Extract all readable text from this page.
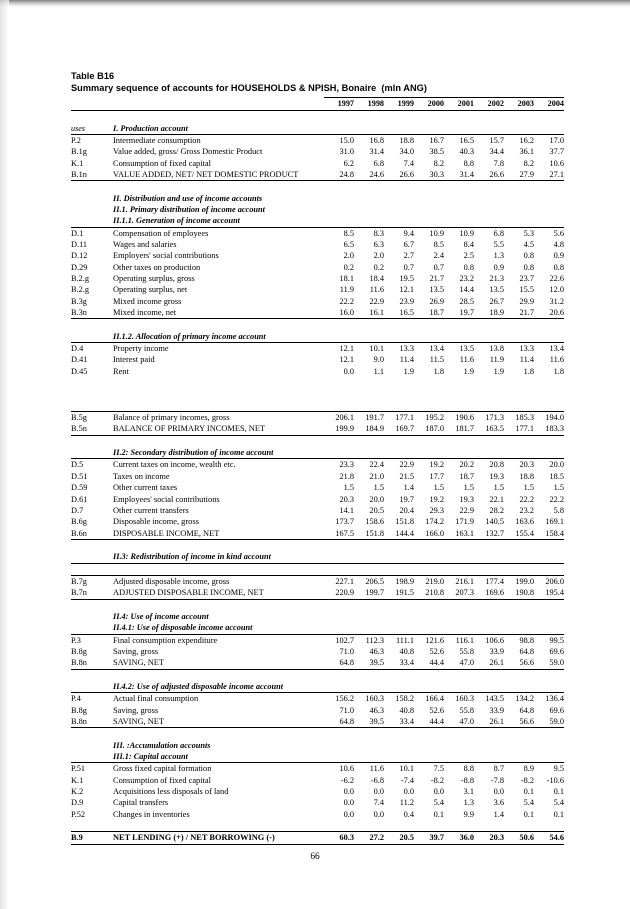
Table B16
Summary sequence of accounts for HOUSEHOLDS & NPISH, Bonaire  (mln ANG)
		1997	1998	1999	2000	2001	2002	2003	2004

uses	I. Production account								
P.2	Intermediate consumption	15.0	16.8	18.8	16.7	16.5	15.7	16.2	17.0
B.1g	Value added, gross/ Gross Domestic Product	31.0	31.4	34.0	38.5	40.3	34.4	36.1	37.7
K.1	Consumption of fixed capital	6.2	6.8	7.4	8.2	8.8	7.8	8.2	10.6
B.1n	VALUE ADDED, NET/ NET DOMESTIC PRODUCT	24.8	24.6	26.6	30.3	31.4	26.6	27.9	27.1

	II. Distribution and use of income accounts								
	II.1. Primary distribution of income account								
	II.1.1. Generation of income account								
D.1	Compensation of employees	8.5	8.3	9.4	10.9	10.9	6.8	5.3	5.6
D.11	Wages and salaries	6.5	6.3	6.7	8.5	8.4	5.5	4.5	4.8
D.12	Employers' social contributions	2.0	2.0	2.7	2.4	2.5	1.3	0.8	0.9
D.29	Other taxes on production	0.2	0.2	0.7	0.7	0.8	0.9	0.8	0.8
B.2.g	Operating surplus, gross	18.1	18.4	19.5	21.7	23.2	21.3	23.7	22.6
B.2.g	Operating surplus, net	11.9	11.6	12.1	13.5	14.4	13.5	15.5	12.0
B.3g	Mixed income gross	22.2	22.9	23.9	26.9	28.5	26.7	29.9	31.2
B.3n	Mixed income, net	16.0	16.1	16.5	18.7	19.7	18.9	21.7	20.6

	II.1.2. Allocation of primary income account								
D.4	Property income	12.1	10.1	13.3	13.4	13.5	13.8	13.3	13.4
D.41	Interest paid	12.1	9.0	11.4	11.5	11.6	11.9	11.4	11.6
D.45	Rent	0.0	1.1	1.9	1.8	1.9	1.9	1.8	1.8

B.5g	Balance of primary incomes, gross	206.1	191.7	177.1	195.2	190.6	171.3	185.3	194.0
B.5n	BALANCE OF PRIMARY INCOMES, NET	199.9	184.9	169.7	187.0	181.7	163.5	177.1	183.3

	II.2: Secondary distribution of income account								
D.5	Current taxes on income, wealth etc.	23.3	22.4	22.9	19.2	20.2	20.8	20.3	20.0
D.51	Taxes on income	21.8	21.0	21.5	17.7	18.7	19.3	18.8	18.5
D.59	Other current taxes	1.5	1.5	1.4	1.5	1.5	1.5	1.5	1.5
D.61	Employees' social contributions	20.3	20.0	19.7	19.2	19.3	22.1	22.2	22.2
D.7	Other current transfers	14.1	20.5	20.4	29.3	22.9	28.2	23.2	5.8
B.6g	Disposable income, gross	173.7	158.6	151.8	174.2	171.9	140.5	163.6	169.1
B.6n	DISPOSABLE INCOME, NET	167.5	151.8	144.4	166.0	163.1	132.7	155.4	158.4

	II.3: Redistribution of income in kind account								

B.7g	Adjusted disposable income, gross	227.1	206.5	198.9	219.0	216.1	177.4	199.0	206.0
B.7n	ADJUSTED DISPOSABLE INCOME, NET	220.9	199.7	191.5	210.8	207.3	169.6	190.8	195.4

	II.4: Use of income account								
	II.4.1: Use of disposable income account								
P.3	Final consumption expenditure	102.7	112.3	111.1	121.6	116.1	106.6	98.8	99.5
B.8g	Saving, gross	71.0	46.3	40.8	52.6	55.8	33.9	64.8	69.6
B.8n	SAVING, NET	64.8	39.5	33.4	44.4	47.0	26.1	56.6	59.0

	II.4.2: Use of adjusted disposable income account								
P.4	Actual final consumption	156.2	160.3	158.2	166.4	160.3	143.5	134.2	136.4
B.8g	Saving, gross	71.0	46.3	40.8	52.6	55.8	33.9	64.8	69.6
B.8n	SAVING, NET	64.8	39.5	33.4	44.4	47.0	26.1	56.6	59.0

	III. :Accumulation accounts								
	III.1: Capital account								
P.51	Gross fixed capital formation	10.6	11.6	10.1	7.5	8.8	8.7	8.9	9.5
K.1	Consumption of fixed capital	-6.2	-6.8	-7.4	-8.2	-8.8	-7.8	-8.2	-10.6
K.2	Acquisitions less disposals of land	0.0	0.0	0.0	0.0	3.1	0.0	0.1	0.1
D.9	Capital transfers	0.0	7.4	11.2	5.4	1.3	3.6	5.4	5.4
P.52	Changes in inventories	0.0	0.0	0.4	0.1	9.9	1.4	0.1	0.1

B.9	NET LENDING (+) / NET BORROWING (-)	60.3	27.2	20.5	39.7	36.0	20.3	50.6	54.6
66
